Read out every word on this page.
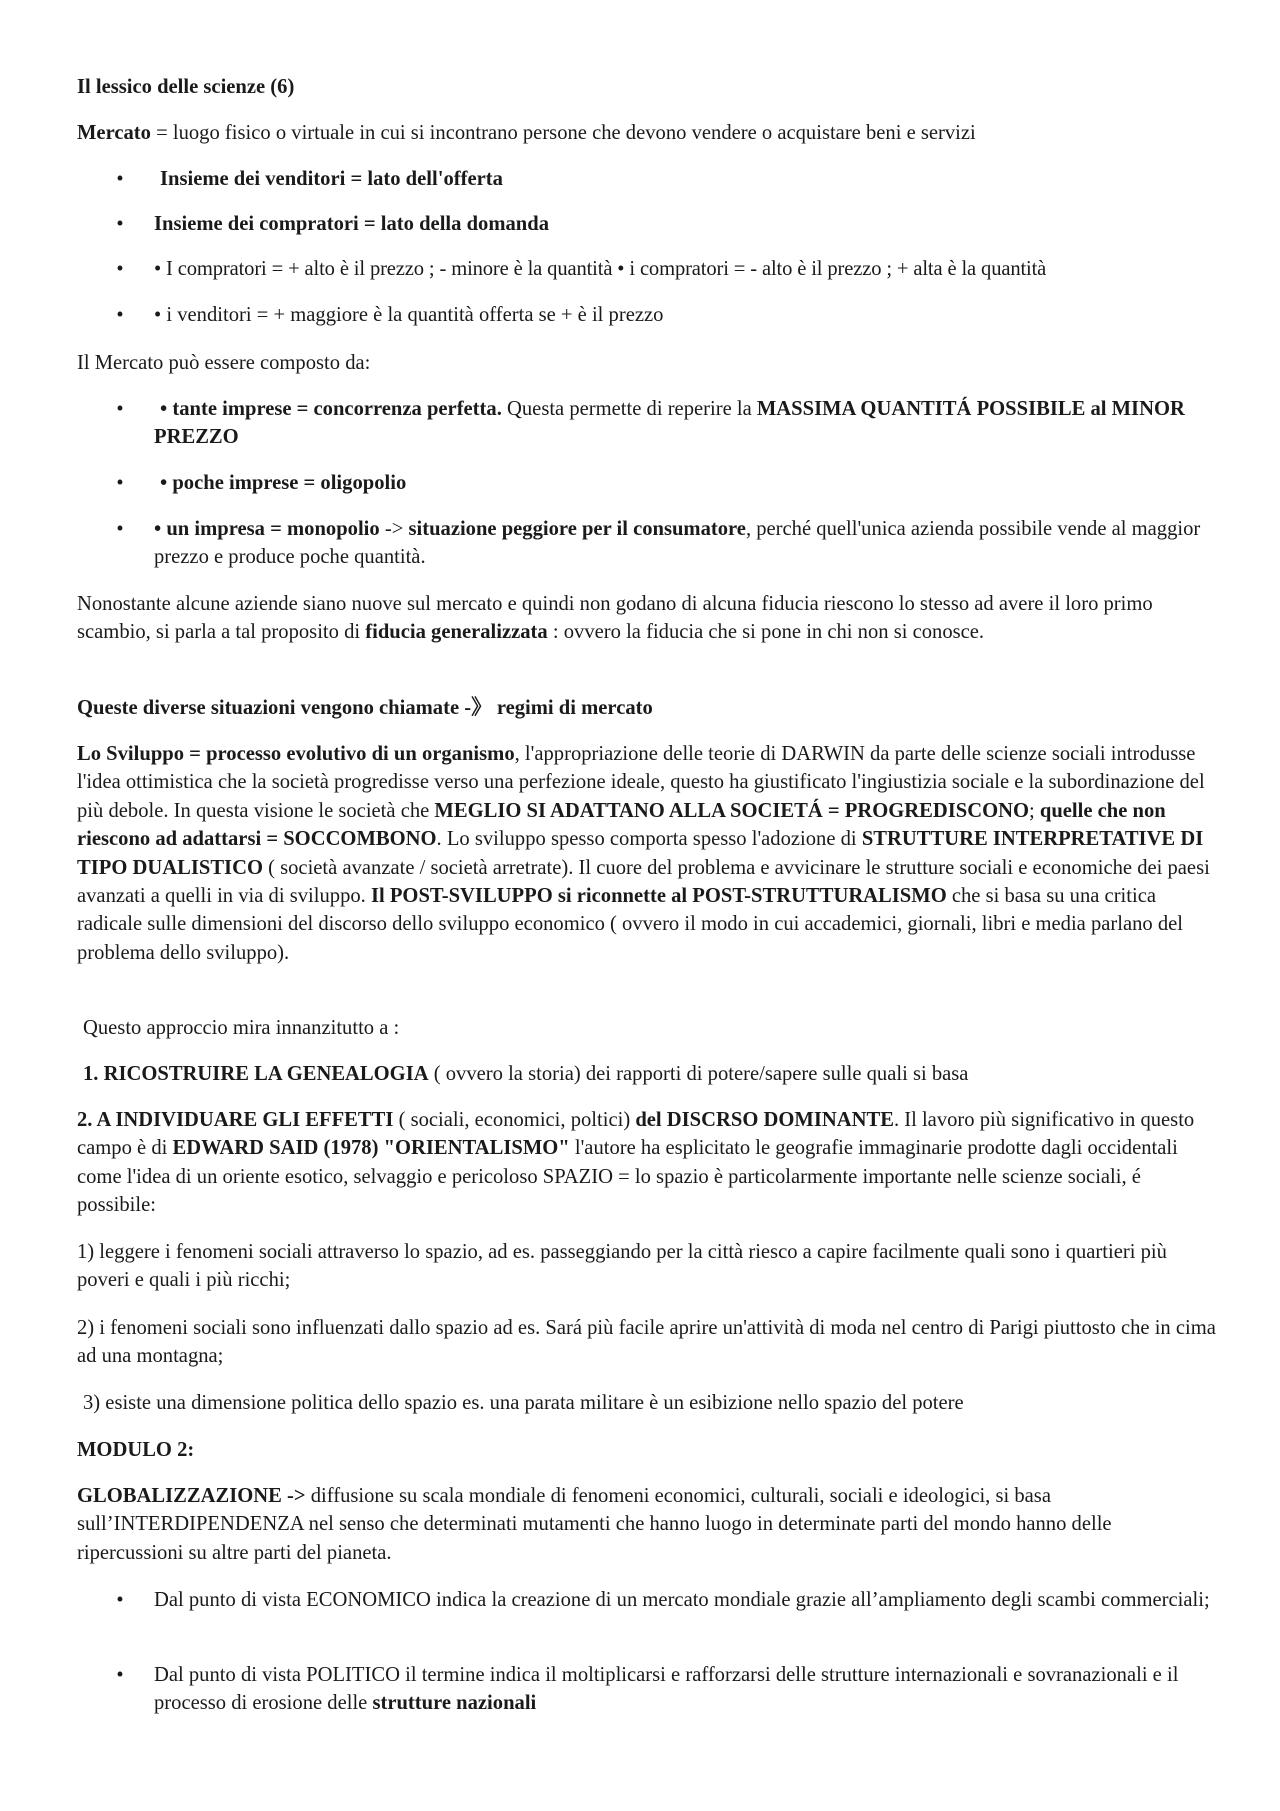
Il lessico delle scienze (6)

Mercato = luogo fisico o virtuale in cui si incontrano persone che devono vendere o acquistare beni e servizi

• Insieme dei venditori = lato dell'offerta

• Insieme dei compratori = lato della domanda

• • I compratori = + alto è il prezzo ; - minore è la quantità • i compratori = - alto è il prezzo ; + alta è la quantità

• • i venditori = + maggiore è la quantità offerta se + è il prezzo

Il Mercato può essere composto da:

• • tante imprese = concorrenza perfetta. Questa permette di reperire la MASSIMA QUANTITÁ POSSIBILE al MINOR PREZZO

• • poche imprese = oligopolio

• • un impresa = monopolio -> situazione peggiore per il consumatore, perché quell'unica azienda possibile vende al maggior prezzo e produce poche quantità.

Nonostante alcune aziende siano nuove sul mercato e quindi non godano di alcuna fiducia riescono lo stesso ad avere il loro primo scambio, si parla a tal proposito di fiducia generalizzata : ovvero la fiducia che si pone in chi non si conosce.

Queste diverse situazioni vengono chiamate -》 regimi di mercato

Lo Sviluppo = processo evolutivo di un organismo, l'appropriazione delle teorie di DARWIN da parte delle scienze sociali introdusse l'idea ottimistica che la società progredisse verso una perfezione ideale, questo ha giustificato l'ingiustizia sociale e la subordinazione del più debole. In questa visione le società che MEGLIO SI ADATTANO ALLA SOCIETÁ = PROGREDISCONO; quelle che non riescono ad adattarsi = SOCCOMBONO. Lo sviluppo spesso comporta spesso l'adozione di STRUTTURE INTERPRETATIVE DI TIPO DUALISTICO ( società avanzate / società arretrate). Il cuore del problema e avvicinare le strutture sociali e economiche dei paesi avanzati a quelli in via di sviluppo. Il POST-SVILUPPO si riconnette al POST-STRUTTURALISMO che si basa su una critica radicale sulle dimensioni del discorso dello sviluppo economico ( ovvero il modo in cui accademici, giornali, libri e media parlano del problema dello sviluppo).

Questo approccio mira innanzitutto a :

1. RICOSTRUIRE LA GENEALOGIA ( ovvero la storia) dei rapporti di potere/sapere sulle quali si basa

2. A INDIVIDUARE GLI EFFETTI ( sociali, economici, poltici) del DISCRSO DOMINANTE. Il lavoro più significativo in questo campo è di EDWARD SAID (1978) "ORIENTALISMO" l'autore ha esplicitato le geografie immaginarie prodotte dagli occidentali come l'idea di un oriente esotico, selvaggio e pericoloso SPAZIO = lo spazio è particolarmente importante nelle scienze sociali, é possibile:

1) leggere i fenomeni sociali attraverso lo spazio, ad es. passeggiando per la città riesco a capire facilmente quali sono i quartieri più poveri e quali i più ricchi;

2) i fenomeni sociali sono influenzati dallo spazio ad es. Sará più facile aprire un'attività di moda nel centro di Parigi piuttosto che in cima ad una montagna;

3) esiste una dimensione politica dello spazio es. una parata militare è un esibizione nello spazio del potere

MODULO 2:

GLOBALIZZAZIONE -> diffusione su scala mondiale di fenomeni economici, culturali, sociali e ideologici, si basa sull’INTERDIPENDENZA nel senso che determinati mutamenti che hanno luogo in determinate parti del mondo hanno delle ripercussioni su altre parti del pianeta.

• Dal punto di vista ECONOMICO indica la creazione di un mercato mondiale grazie all’ampliamento degli scambi commerciali;

• Dal punto di vista POLITICO il termine indica il moltiplicarsi e rafforzarsi delle strutture internazionali e sovranazionali e il processo di erosione delle strutture nazionali
